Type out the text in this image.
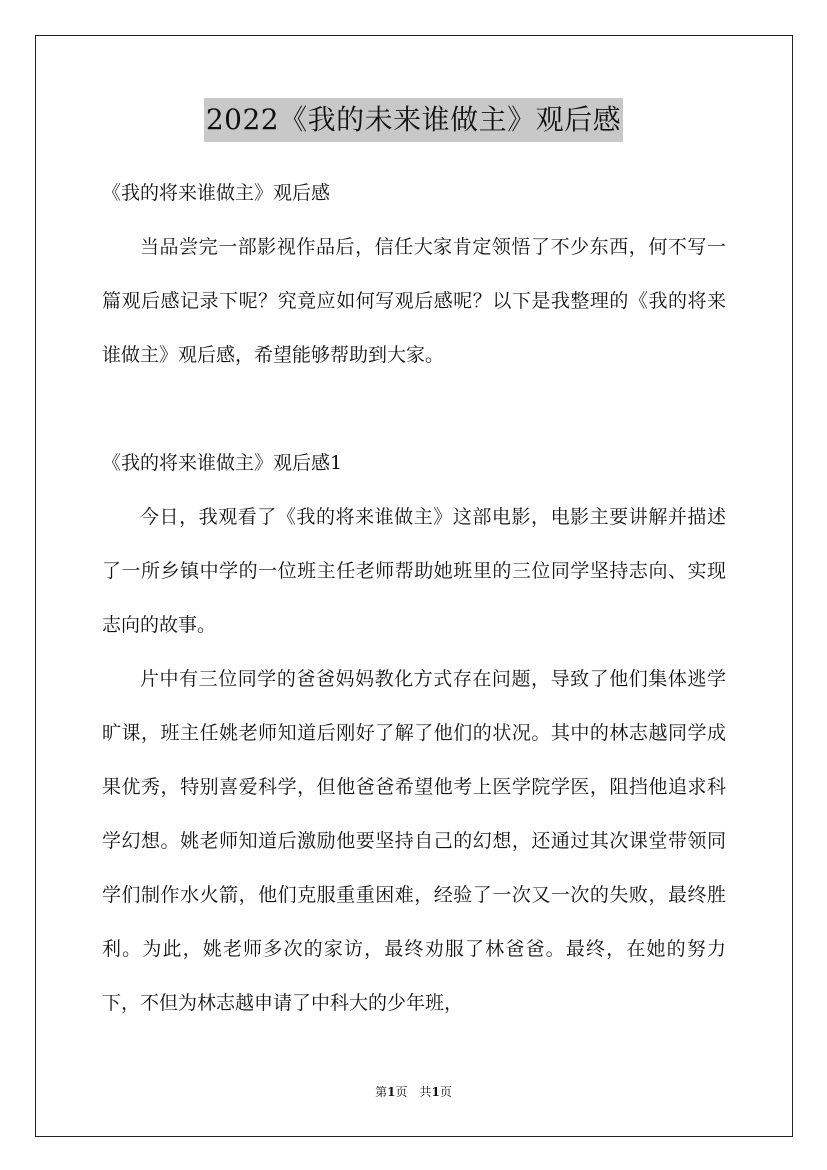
2022《我的未来谁做主》观后感

《我的将来谁做主》观后感

当品尝完一部影视作品后，信任大家肯定领悟了不少东西，何不写一篇观后感记录下呢？究竟应如何写观后感呢？以下是我整理的《我的将来谁做主》观后感，希望能够帮助到大家。

《我的将来谁做主》观后感1

今日，我观看了《我的将来谁做主》这部电影，电影主要讲解并描述了一所乡镇中学的一位班主任老师帮助她班里的三位同学坚持志向、实现志向的故事。

片中有三位同学的爸爸妈妈教化方式存在问题，导致了他们集体逃学旷课，班主任姚老师知道后刚好了解了他们的状况。其中的林志越同学成果优秀，特别喜爱科学，但他爸爸希望他考上医学院学医，阻挡他追求科学幻想。姚老师知道后激励他要坚持自己的幻想，还通过其次课堂带领同学们制作水火箭，他们克服重重困难，经验了一次又一次的失败，最终胜利。为此，姚老师多次的家访，最终劝服了林爸爸。最终，在她的努力下，不但为林志越申请了中科大的少年班，

第1页　共1页
